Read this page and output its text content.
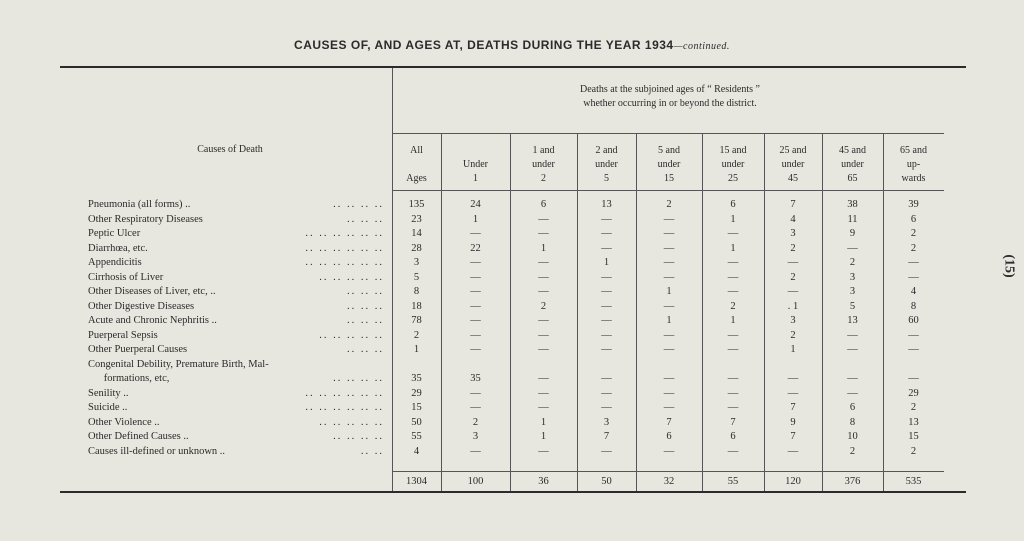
CAUSES OF, AND AGES AT, DEATHS DURING THE YEAR 1934—continued.
Causes of Death
Deaths at the subjoined ages of “ Residents ”
whether occurring in or beyond the district.
All
Ages
Under
1
1 and
under
2
2 and
under
5
5 and
under
15
15 and
under
25
25 and
under
45
45 and
under
65
65 and
up-
wards
Pneumonia (all forms) ..	.. .. .. ..	135	24	6	13	2	6	7	38	39
Other Respiratory Diseases	.. .. ..	23	1	—	—	—	1	4	11	6
Peptic Ulcer	.. .. .. .. .. ..	14	—	—	—	—	—	3	9	2
Diarrhœa, etc.	.. .. .. .. .. ..	28	22	1	—	—	1	2	—	2
Appendicitis	.. .. .. .. .. ..	3	—	—	1	—	—	—	2	—
Cirrhosis of Liver	.. .. .. .. ..	5	—	—	—	—	—	2	3	—
Other Diseases of Liver, etc, ..	.. .. ..	8	—	—	—	1	—	—	3	4
Other Digestive Diseases	.. .. ..	18	—	2	—	—	2	. 1	5	8
Acute and Chronic Nephritis ..	.. .. ..	78	—	—	—	1	1	3	13	60
Puerperal Sepsis	.. .. .. .. ..	2	—	—	—	—	—	2	—	—
Other Puerperal Causes	.. .. ..	1	—	—	—	—	—	1	—	—
Congenital Debility, Premature Birth, Mal-
formations, etc,	.. .. .. ..	35	35	—	—	—	—	—	—	—
Senility ..	.. .. .. .. .. ..	29	—	—	—	—	—	—	—	29
Suicide ..	.. .. .. .. .. ..	15	—	—	—	—	—	7	6	2
Other Violence ..	.. .. .. .. ..	50	2	1	3	7	7	9	8	13
Other Defined Causes ..	.. .. .. ..	55	3	1	7	6	6	7	10	15
Causes ill-defined or unknown ..	.. ..	4	—	—	—	—	—	—	2	2
1304	100	36	50	32	55	120	376	535
(15)
